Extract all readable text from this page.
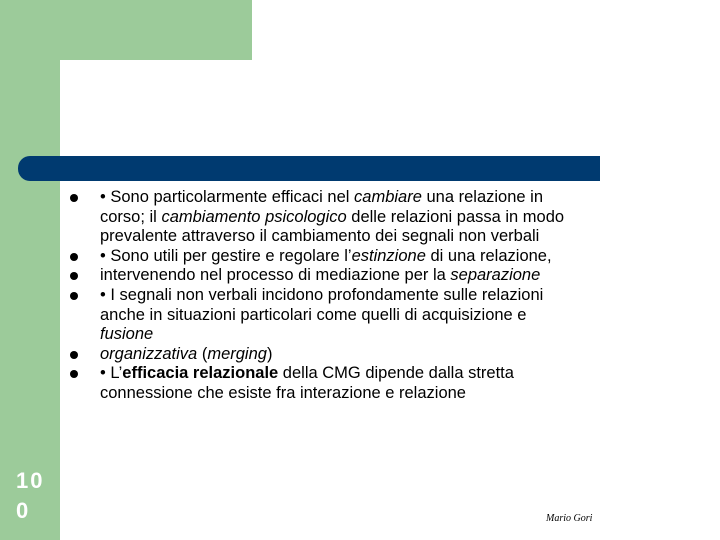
10
0
• Sono particolarmente efficaci nel cambiare una relazione in
corso; il cambiamento psicologico delle relazioni passa in modo
prevalente attraverso il cambiamento dei segnali non verbali
• Sono utili per gestire e regolare l’estinzione di una relazione,
intervenendo nel processo di mediazione per la separazione
• I segnali non verbali incidono profondamente sulle relazioni
anche in situazioni particolari come quelli di acquisizione e
fusione
organizzativa (merging)
• L’efficacia relazionale della CMG dipende dalla stretta
connessione che esiste fra interazione e relazione
Mario Gori
